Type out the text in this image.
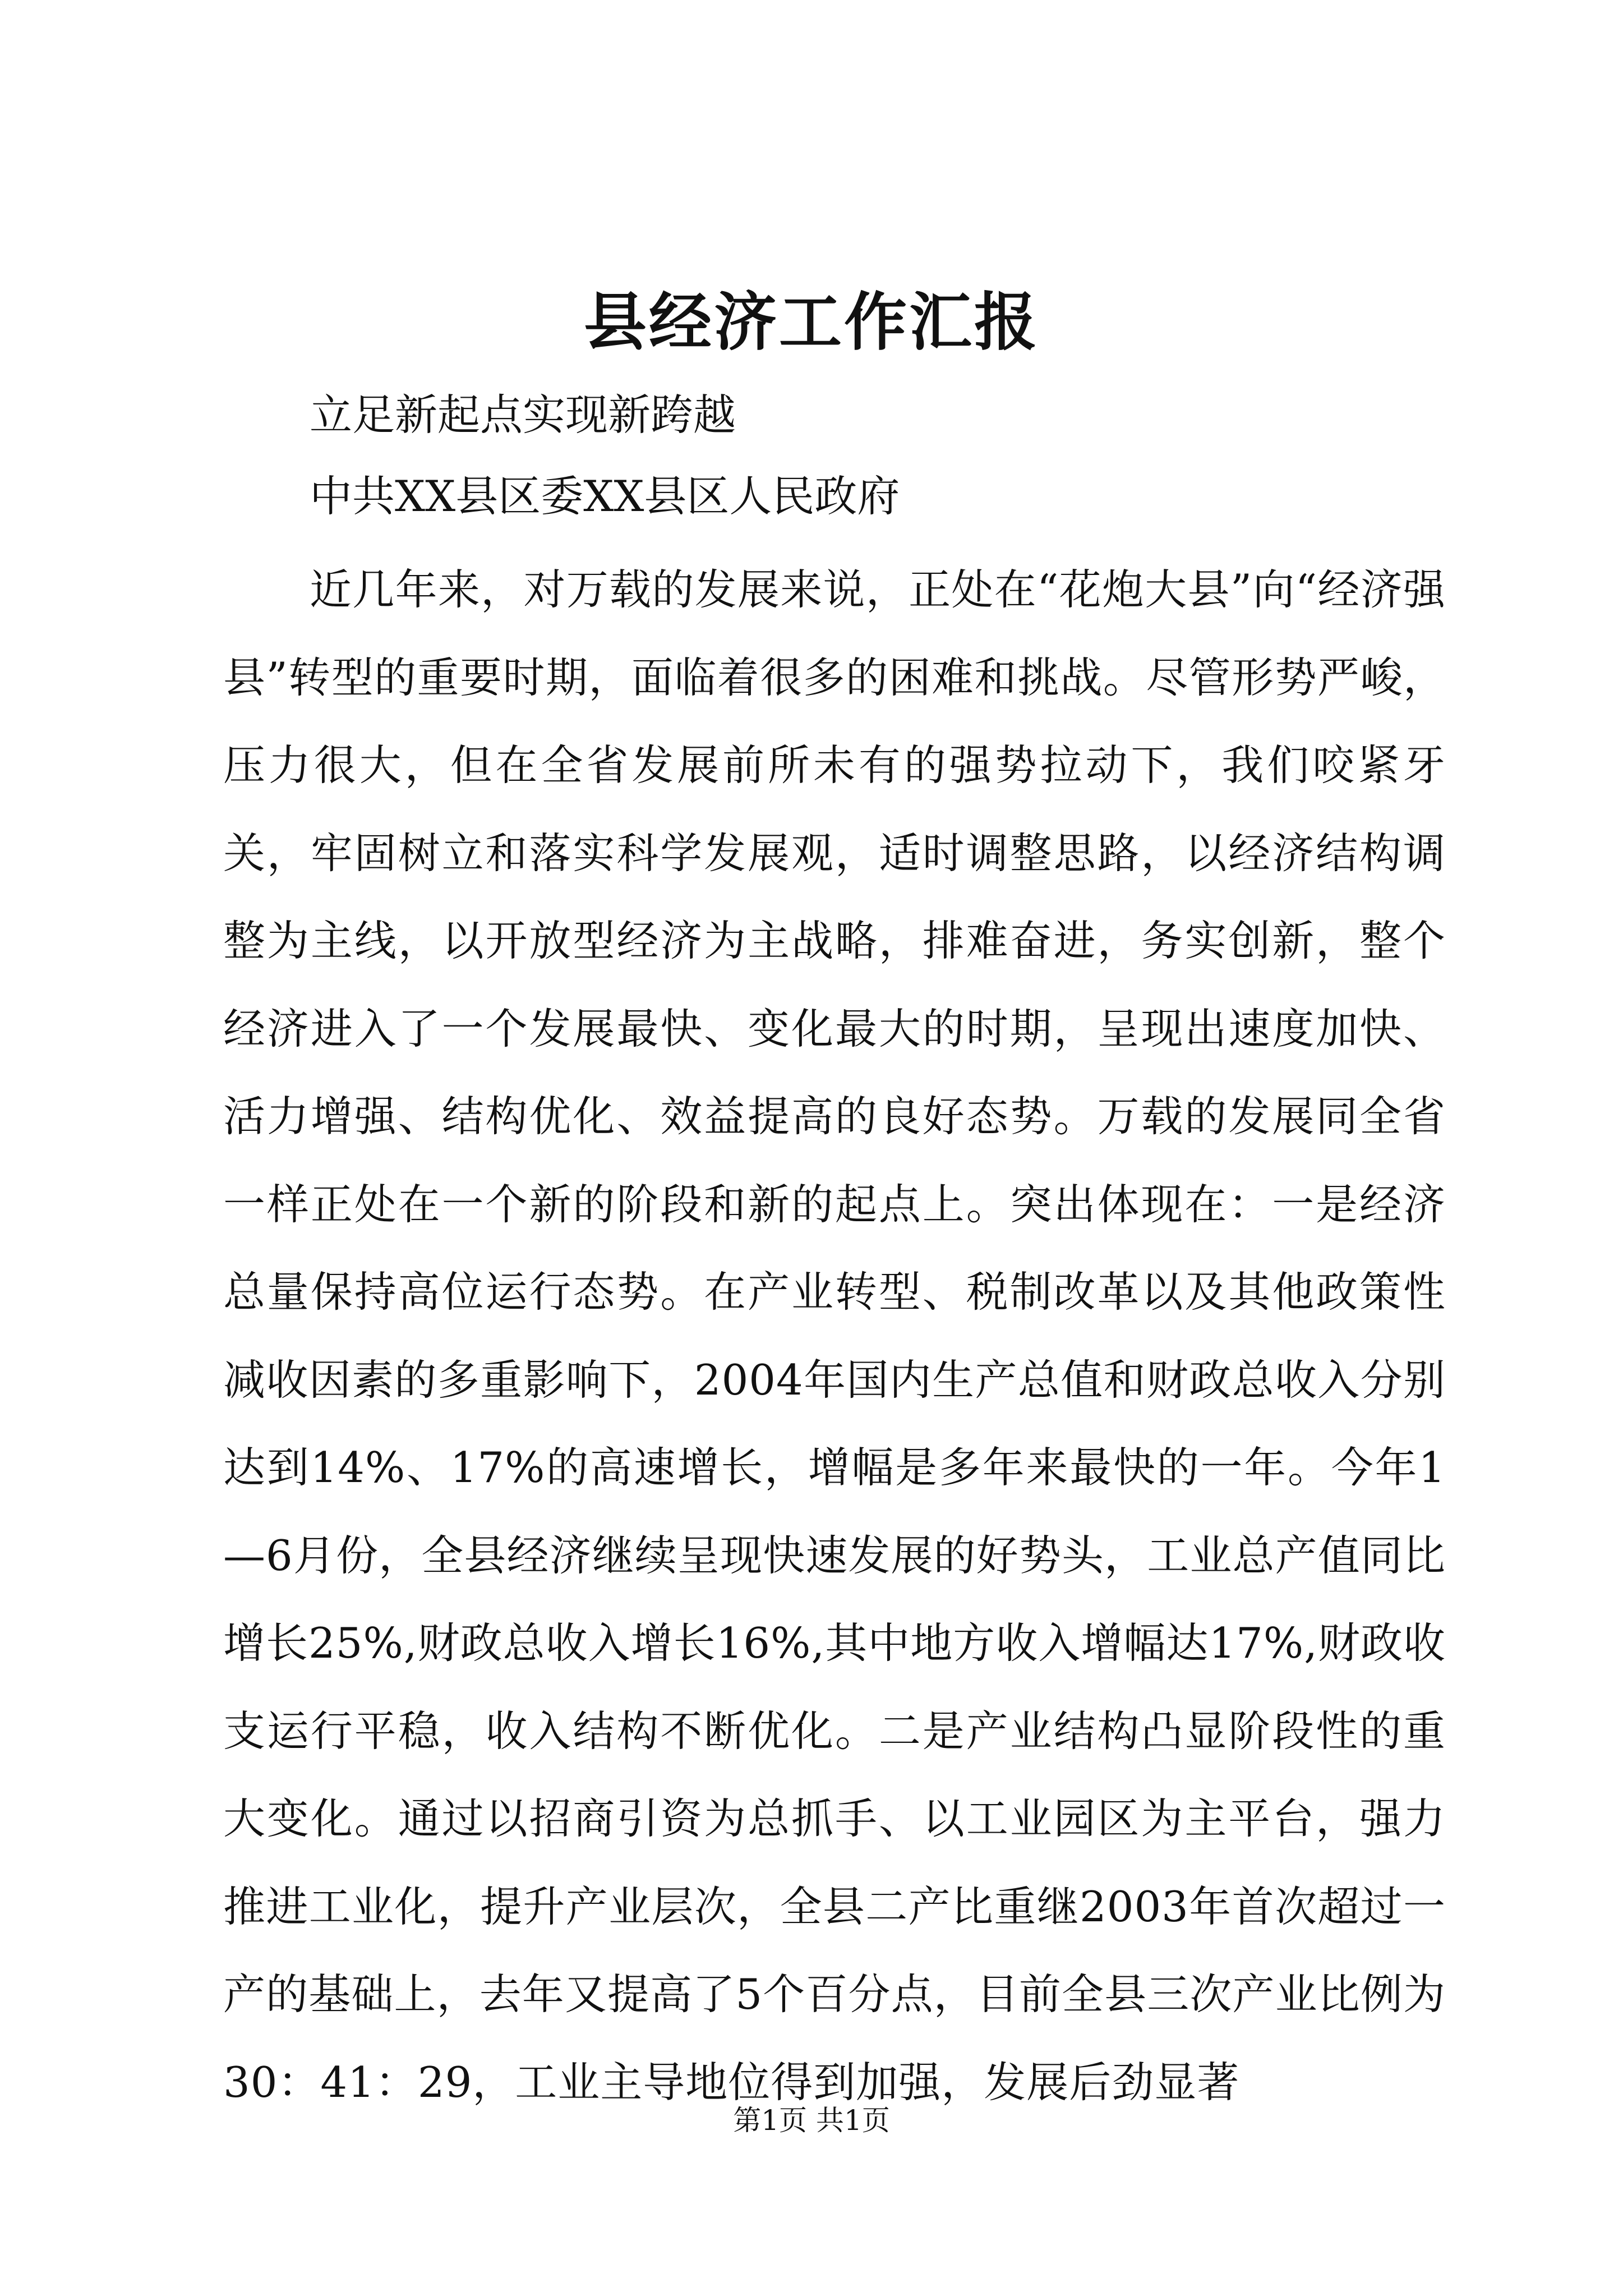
县经济工作汇报

立足新起点实现新跨越

中共XX县区委XX县区人民政府

近几年来，对万载的发展来说，正处在“花炮大县”向“经济强县”转型的重要时期，面临着很多的困难和挑战。尽管形势严峻，压力很大，但在全省发展前所未有的强势拉动下，我们咬紧牙关，牢固树立和落实科学发展观，适时调整思路，以经济结构调整为主线，以开放型经济为主战略，排难奋进，务实创新，整个经济进入了一个发展最快、变化最大的时期，呈现出速度加快、活力增强、结构优化、效益提高的良好态势。万载的发展同全省一样正处在一个新的阶段和新的起点上。突出体现在：一是经济总量保持高位运行态势。在产业转型、税制改革以及其他政策性减收因素的多重影响下，2004年国内生产总值和财政总收入分别达到14%、17%的高速增长，增幅是多年来最快的一年。今年1—6月份，全县经济继续呈现快速发展的好势头，工业总产值同比增长25%,财政总收入增长16%,其中地方收入增幅达17%,财政收支运行平稳，收入结构不断优化。二是产业结构凸显阶段性的重大变化。通过以招商引资为总抓手、以工业园区为主平台，强力推进工业化，提升产业层次，全县二产比重继2003年首次超过一产的基础上，去年又提高了5个百分点，目前全县三次产业比例为30：41：29，工业主导地位得到加强，发展后劲显著

第1页 共1页
